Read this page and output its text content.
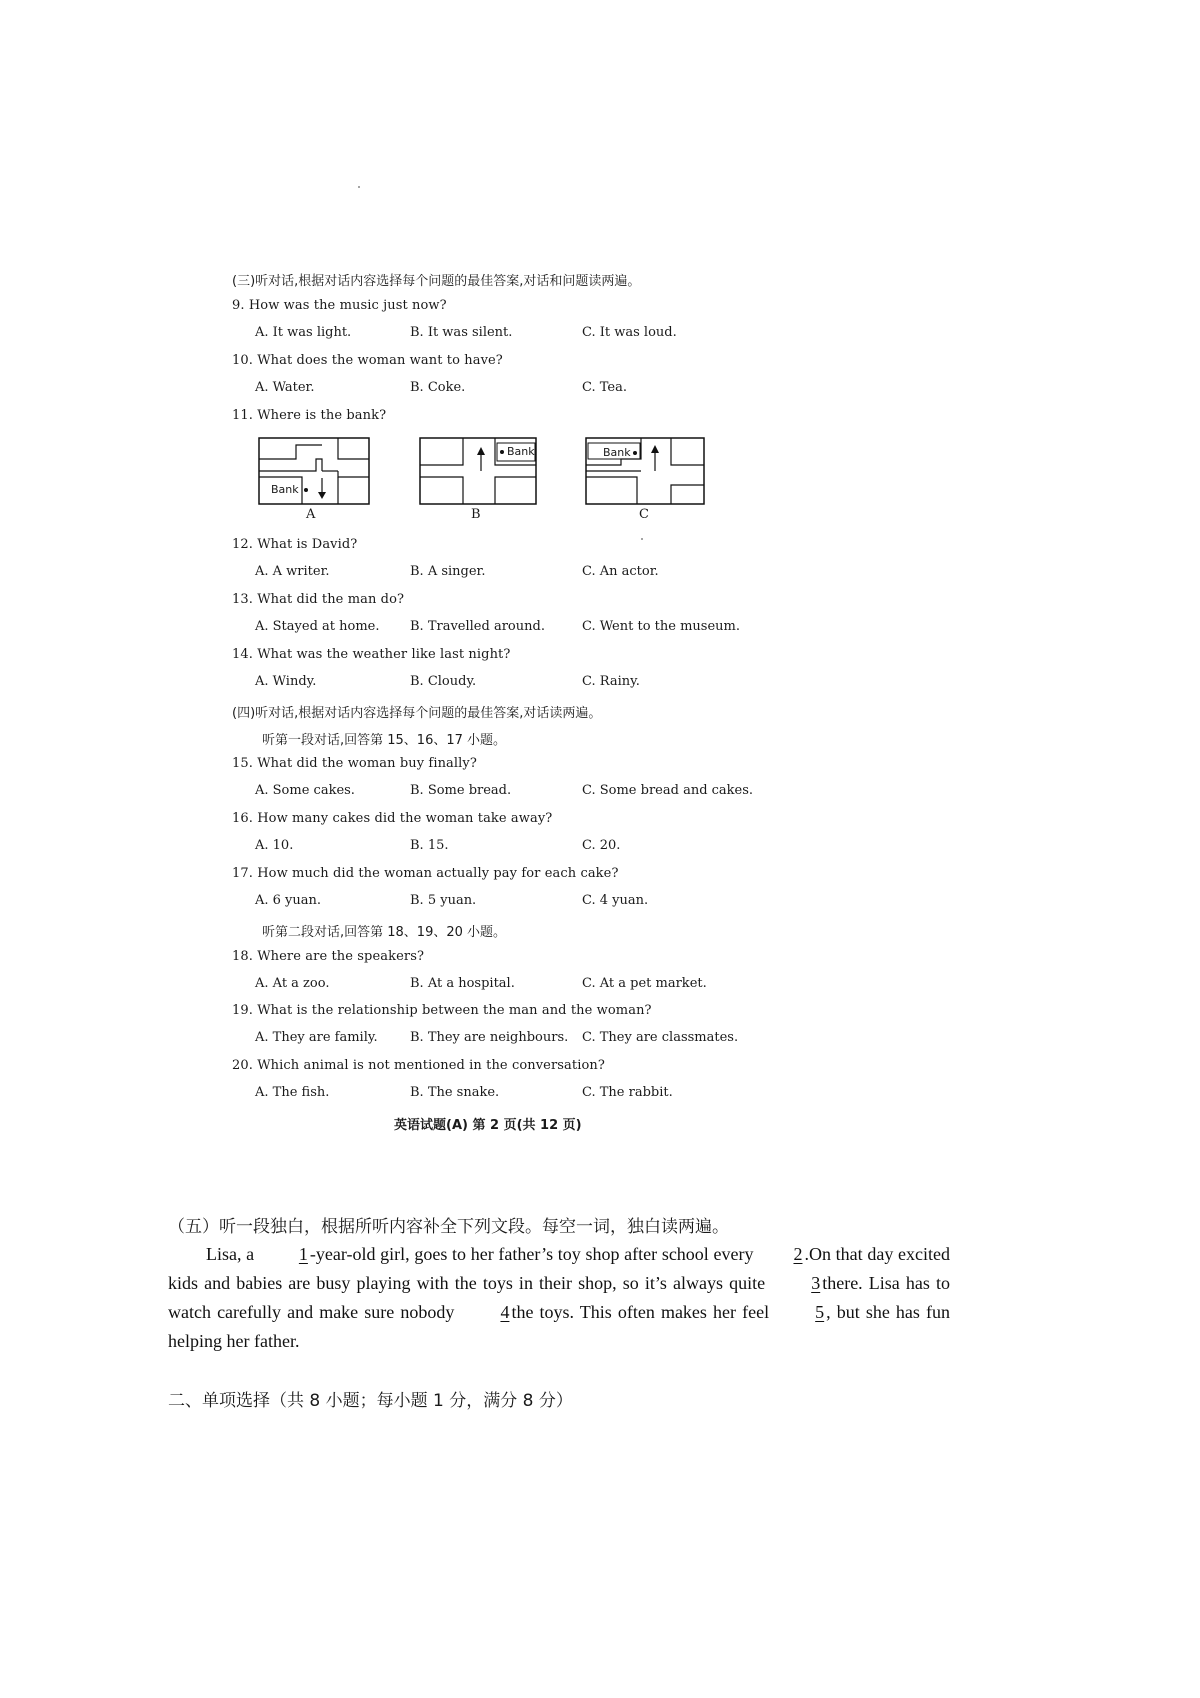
(三)听对话,根据对话内容选择每个问题的最佳答案,对话和问题读两遍。
9. How was the music just now?
A. It was light.	B. It was silent.	C. It was loud.
10. What does the woman want to have?
A. Water.	B. Coke.	C. Tea.
11. Where is the bank?
Bank
Bank	Bank
A	B	C
12. What is David?
A. A writer.	B. A singer.	C. An actor.
13. What did the man do?
A. Stayed at home. B. Travelled around.	C. Went to the museum.
14. What was the weather like last night?
A. Windy.	B. Cloudy.	C. Rainy.
(四)听对话,根据对话内容选择每个问题的最佳答案,对话读两遍。
听第一段对话,回答第 15、16、17 小题。
15. What did the woman buy finally?
A. Some cakes.	B. Some bread.	C. Some bread and cakes.
16. How many cakes did the woman take away?
A. 10.	B. 15.	C. 20.
17. How much did the woman actually pay for each cake?
A. 6 yuan.	B. 5 yuan.	C. 4 yuan.
听第二段对话,回答第 18、19、20 小题。
18. Where are the speakers?
A. At a zoo.	B. At a hospital.	C. At a pet market.
19. What is the relationship between the man and the woman?
A. They are family. B. They are neighbours. C. They are classmates.
20. Which animal is not mentioned in the conversation?
A. The fish.	B. The snake.	C. The rabbit.
英语试题(A) 第 2 页(共 12 页)
（五）听一段独白，根据所听内容补全下列文段。每空一词，独白读两遍。
Lisa, a 1 -year-old girl, goes to her father’s toy shop after school every 2 .On that day excited kids and babies are busy playing with the toys in their shop, so it’s always quite	3 there. Lisa has to watch carefully and make sure nobody	4 the toys. This often makes her feel	5 , but she has fun helping her father.
二、单项选择（共 8 小题；每小题 1 分，满分 8 分）
